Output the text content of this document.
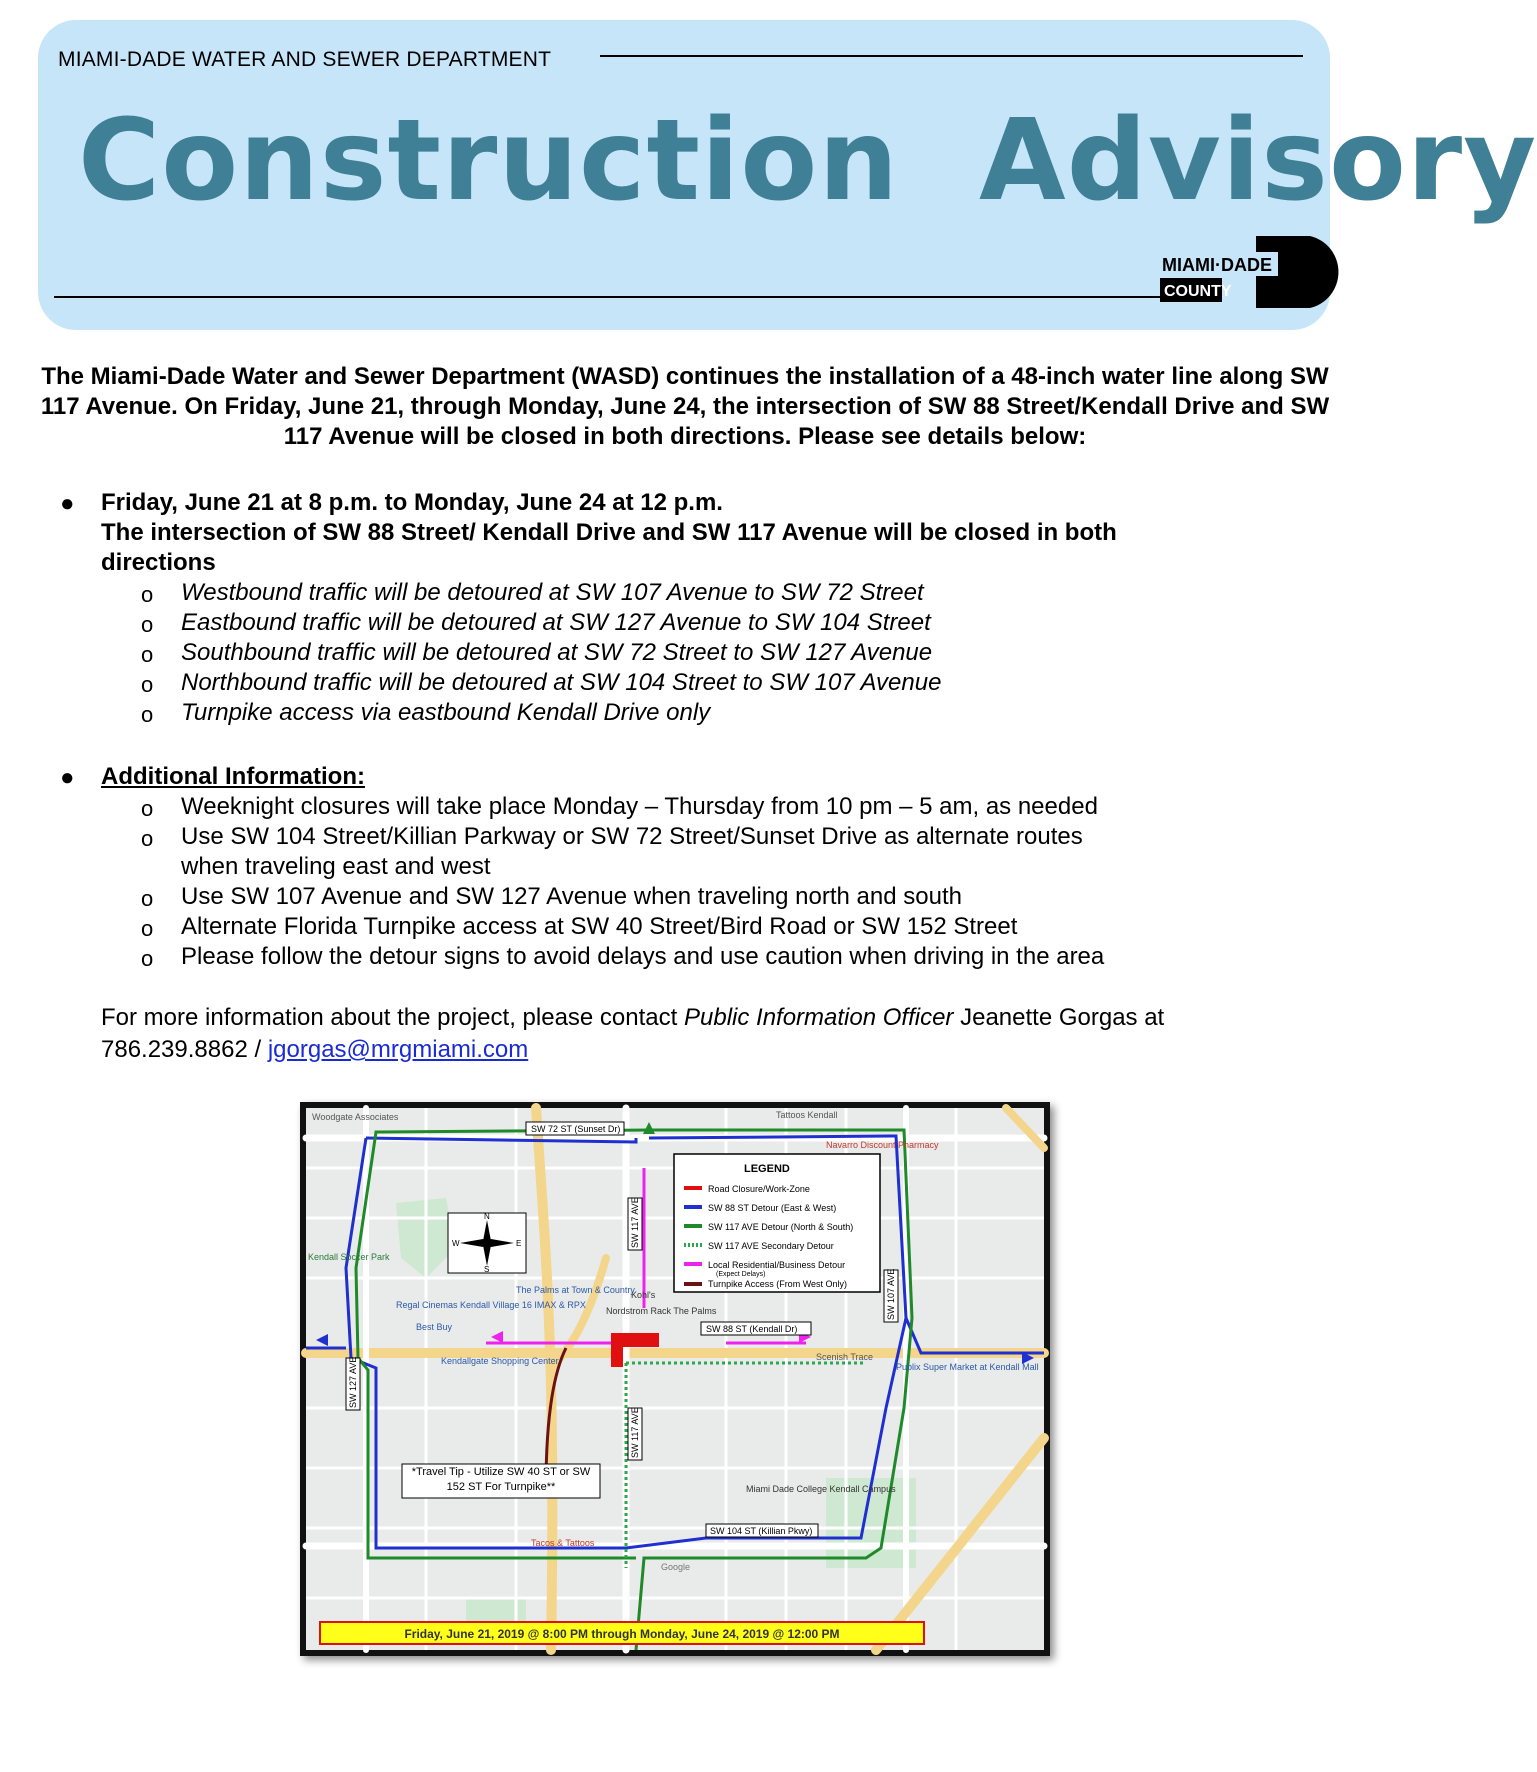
MIAMI-DADE WATER AND SEWER DEPARTMENT
Construction Advisory
MIAMI·DADE
COUNTY
The Miami-Dade Water and Sewer Department (WASD) continues the installation of a 48-inch water line along SW 117 Avenue. On Friday, June 21, through Monday, June 24, the intersection of SW 88 Street/Kendall Drive and SW 117 Avenue will be closed in both directions. Please see details below:
● Friday, June 21 at 8 p.m. to Monday, June 24 at 12 p.m.
The intersection of SW 88 Street/ Kendall Drive and SW 117 Avenue will be closed in both directions
o Westbound traffic will be detoured at SW 107 Avenue to SW 72 Street
o Eastbound traffic will be detoured at SW 127 Avenue to SW 104 Street
o Southbound traffic will be detoured at SW 72 Street to SW 127 Avenue
o Northbound traffic will be detoured at SW 104 Street to SW 107 Avenue
o Turnpike access via eastbound Kendall Drive only
● Additional Information:
o Weeknight closures will take place Monday – Thursday from 10 pm – 5 am, as needed
o Use SW 104 Street/Killian Parkway or SW 72 Street/Sunset Drive as alternate routes when traveling east and west
o Use SW 107 Avenue and SW 127 Avenue when traveling north and south
o Alternate Florida Turnpike access at SW 40 Street/Bird Road or SW 152 Street
o Please follow the detour signs to avoid delays and use caution when driving in the area
For more information about the project, please contact Public Information Officer Jeanette Gorgas at 786.239.8862 / jgorgas@mrgmiami.com
SW 72 ST (Sunset Dr)
SW 88 ST (Kendall Dr)
SW 104 ST (Killian Pkwy)
SW 117 AVE
SW 117 AVE
SW 127 AVE
SW 107 AVE
Woodgate Associates	Tattoos Kendall
Navarro Discount Pharmacy
Kohl's
Regal Cinemas Kendall Village 16 IMAX & RPX
Best Buy
The Palms at Town & Country
Nordstrom Rack The Palms
Kendallgate Shopping Center
Miami Dade College Kendall Campus
Scenish Trace
Publix Super Market at Kendall Mall
Kendall Soccer Park
Google
Tacos & Tattoos
N
S
E
W
LEGEND
Road Closure/Work-Zone
SW 88 ST Detour (East & West)
SW 117 AVE Detour (North & South)
SW 117 AVE Secondary Detour
Local Residential/Business Detour
(Expect Delays)
Turnpike Access (From West Only)
*Travel Tip - Utilize SW 40 ST or SW 152 ST For Turnpike**
Friday, June 21, 2019 @ 8:00 PM through Monday, June 24, 2019 @ 12:00 PM
